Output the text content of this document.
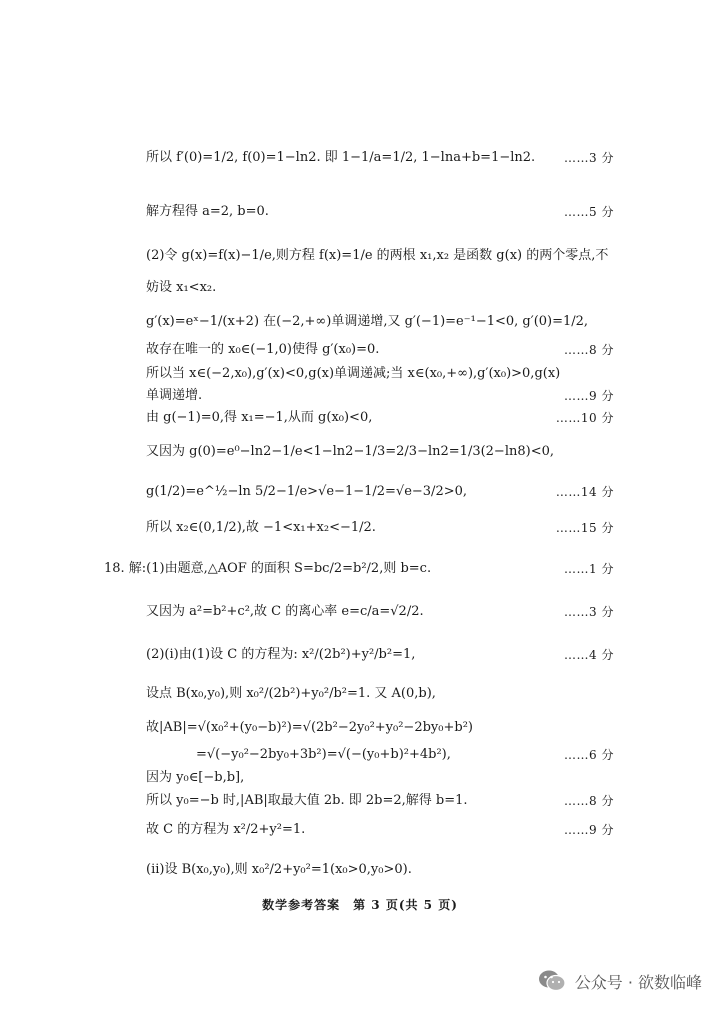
所以 f′(0)=1/2, f(0)=1−ln2. 即 1−1/a=1/2, 1−lna+b=1−ln2. ……3 分
解方程得 a=2, b=0.	……5 分
(2)令 g(x)=f(x)−1/e,则方程 f(x)=1/e 的两根 x₁,x₂ 是函数 g(x) 的两个零点,不
妨设 x₁<x₂.
g′(x)=eˣ−1/(x+2) 在(−2,+∞)单调递增,又 g′(−1)=e⁻¹−1<0, g′(0)=1/2,
故存在唯一的 x₀∈(−1,0)使得 g′(x₀)=0.	……8 分
所以当 x∈(−2,x₀),g′(x)<0,g(x)单调递减;当 x∈(x₀,+∞),g′(x₀)>0,g(x)
单调递增.	……9 分
由 g(−1)=0,得 x₁=−1,从而 g(x₀)<0,	……10 分
又因为 g(0)=e⁰−ln2−1/e<1−ln2−1/3=2/3−ln2=1/3(2−ln8)<0,
g(1/2)=e^½−ln 5/2−1/e>√e−1−1/2=√e−3/2>0,	……14 分
所以 x₂∈(0,1/2),故 −1<x₁+x₂<−1/2.	……15 分
18. 解:(1)由题意,△AOF 的面积 S=bc/2=b²/2,则 b=c.	……1 分
又因为 a²=b²+c²,故 C 的离心率 e=c/a=√2/2.	……3 分
(2)(i)由(1)设 C 的方程为: x²/(2b²)+y²/b²=1,	……4 分
设点 B(x₀,y₀),则 x₀²/(2b²)+y₀²/b²=1. 又 A(0,b),
故|AB|=√(x₀²+(y₀−b)²)=√(2b²−2y₀²+y₀²−2by₀+b²)
=√(−y₀²−2by₀+3b²)=√(−(y₀+b)²+4b²),	……6 分
因为 y₀∈[−b,b],
所以 y₀=−b 时,|AB|取最大值 2b. 即 2b=2,解得 b=1.	……8 分
故 C 的方程为 x²/2+y²=1.	……9 分
(ii)设 B(x₀,y₀),则 x₀²/2+y₀²=1(x₀>0,y₀>0).
数学参考答案　第 3 页(共 5 页)
公众号 · 欲数临峰
